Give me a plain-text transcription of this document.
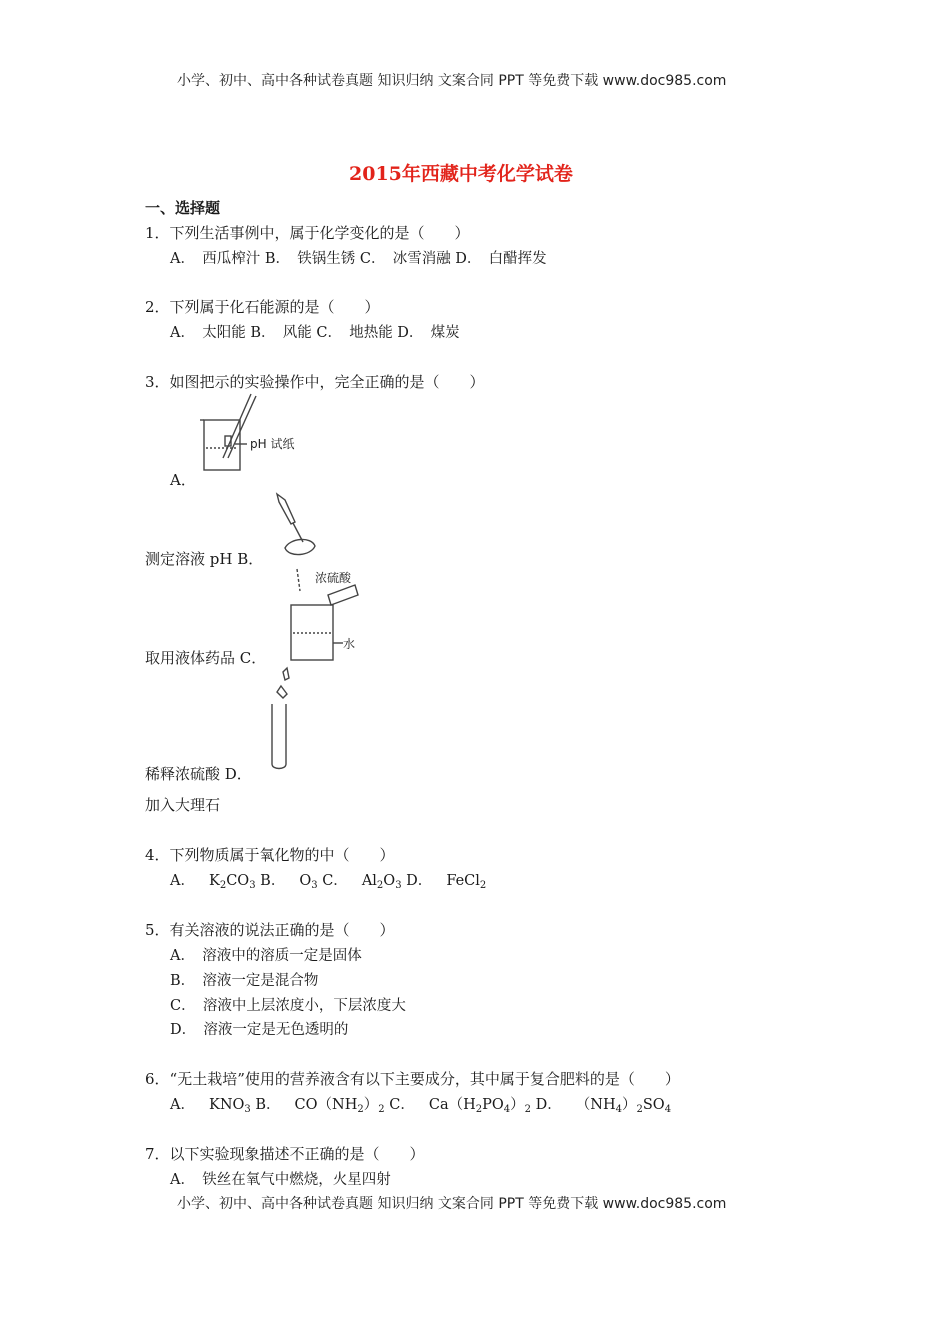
小学、初中、高中各种试卷真题 知识归纳 文案合同 PPT 等免费下载 www.doc985.com
2015年西藏中考化学试卷
一、选择题
1．下列生活事例中，属于化学变化的是（　　）
A．　西瓜榨汁 B．　铁锅生锈 C．　冰雪消融 D．　白醋挥发
2．下列属于化石能源的是（　　）
A．　太阳能 B．　风能 C．　地热能 D．　煤炭
3．如图把示的实验操作中，完全正确的是（　　）
pH 试纸
A．
测定溶液 pH B．
浓硫酸
水
取用液体药品 C．
稀释浓硫酸 D．
加入大理石
4．下列物质属于氧化物的中（　　）
A． $K_2CO_3$ B． $O_3$ C． $Al_2O_3$ D． FeCl$_2$
5．有关溶液的说法正确的是（　　）
A．　溶液中的溶质一定是固体
B．　溶液一定是混合物
C．　溶液中上层浓度小，下层浓度大
D．　溶液一定是无色透明的
6．“无土栽培”使用的营养液含有以下主要成分，其中属于复合肥料的是（　　）
A． $KNO_3$ B． $CO(NH_2)_2$ C． $Ca(H_2PO_4)_2$ D． $(NH_4)_2SO_4$
7．以下实验现象描述不正确的是（　　）
A．　铁丝在氧气中燃烧，火星四射
小学、初中、高中各种试卷真题 知识归纳 文案合同 PPT 等免费下载 www.doc985.com
